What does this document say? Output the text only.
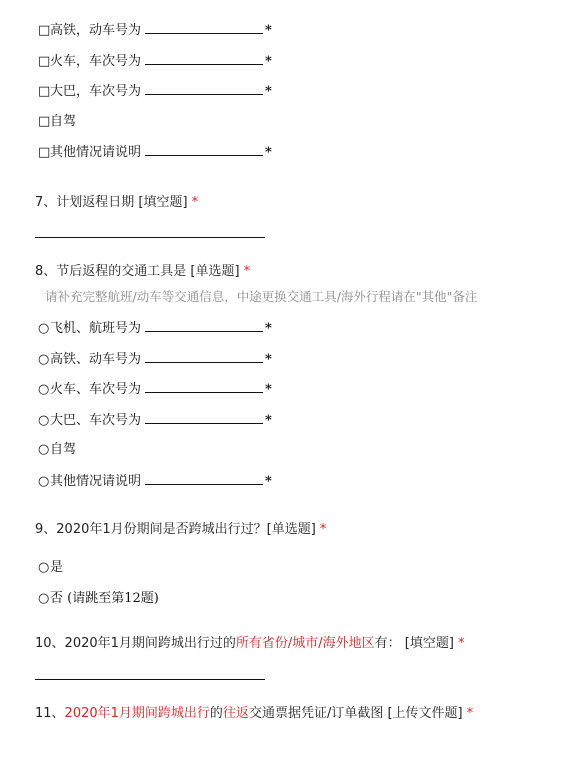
□高铁，动车号为	*
□火车，车次号为	*
□大巴，车次号为	*
□自驾
□其他情况请说明	*
7、计划返程日期 [填空题] *
8、节后返程的交通工具是 [单选题] *
请补充完整航班/动车等交通信息，中途更换交通工具/海外行程请在"其他"备注
○飞机、航班号为	*
○高铁、动车号为	*
○火车、车次号为	*
○大巴、车次号为	*
○自驾
○其他情况请说明	*
9、2020年1月份期间是否跨城出行过？[单选题] *
○是
○否 (请跳至第12题)
10、2020年1月期间跨城出行过的所有省份/城市/海外地区有： [填空题] *
11、2020年1月期间跨城出行的往返交通票据凭证/订单截图 [上传文件题] *
